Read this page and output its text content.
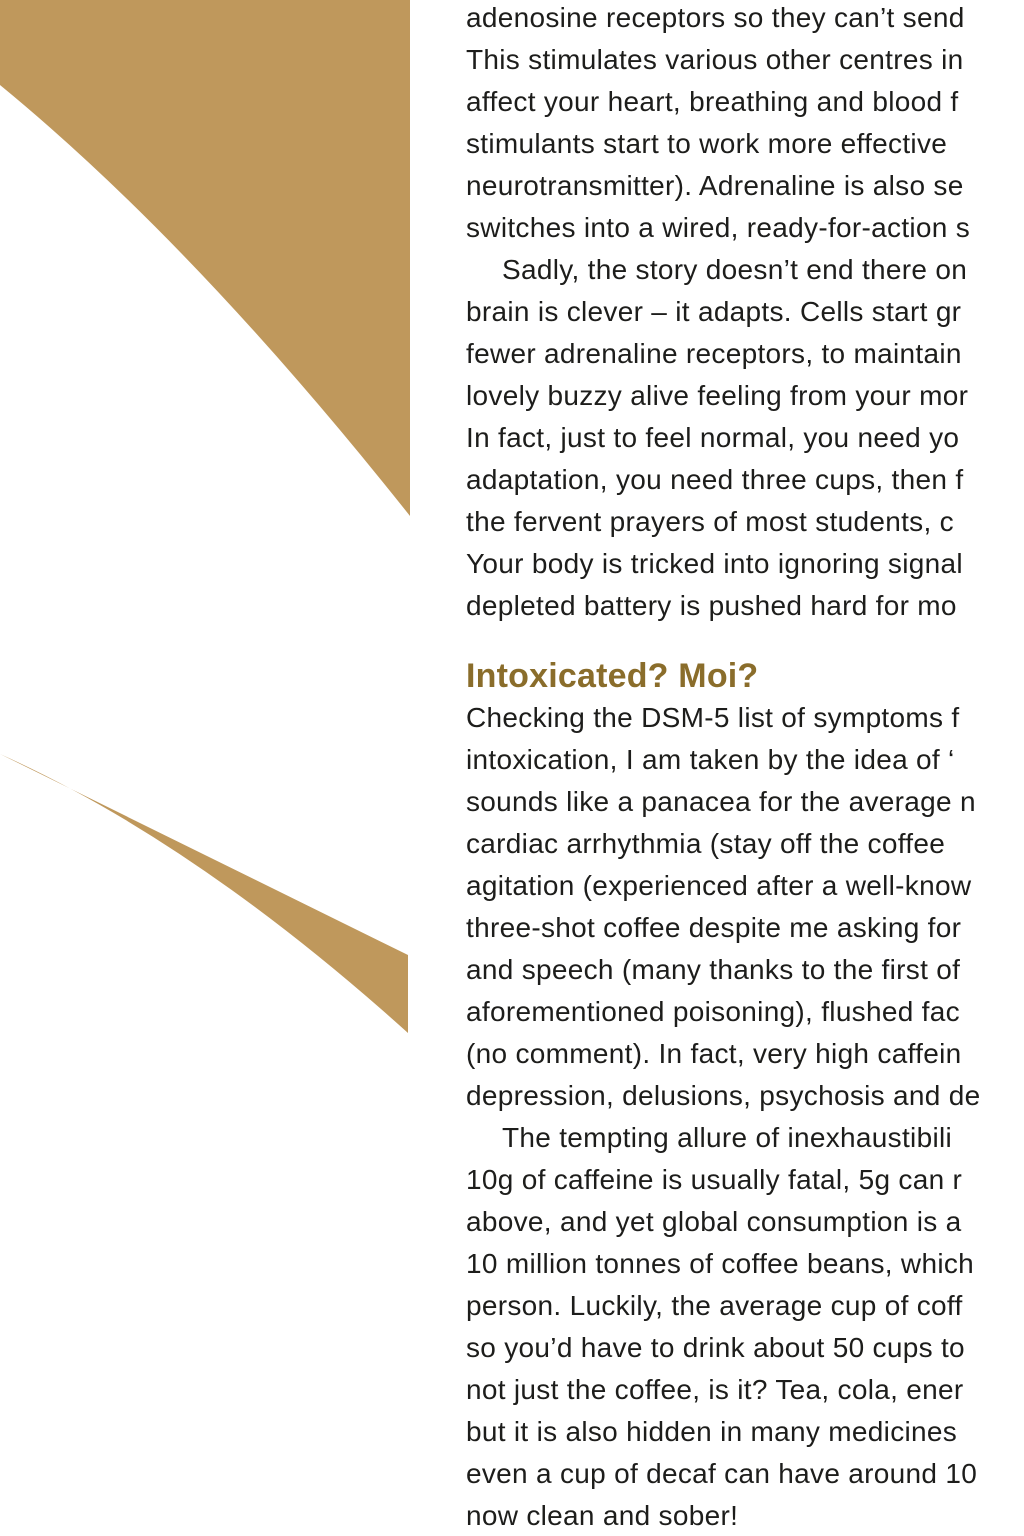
adenosine receptors so they can’t send
This stimulates various other centres in
affect your heart, breathing and blood f
stimulants start to work more effective
neurotransmitter). Adrenaline is also se
switches into a wired, ready-for-action s
Sadly, the story doesn’t end there on
brain is clever – it adapts. Cells start gr
fewer adrenaline receptors, to maintain
lovely buzzy alive feeling from your mor
In fact, just to feel normal, you need yo
adaptation, you need three cups, then f
the fervent prayers of most students, c
Your body is tricked into ignoring signal
depleted battery is pushed hard for mo
Intoxicated? Moi?
Checking the DSM-5 list of symptoms f
intoxication, I am taken by the idea of ‘
sounds like a panacea for the average n
cardiac arrhythmia (stay off the coffee
agitation (experienced after a well-know
three-shot coffee despite me asking for
and speech (many thanks to the first of
aforementioned poisoning), flushed fac
(no comment). In fact, very high caffein
depression, delusions, psychosis and de
The tempting allure of inexhaustibili
10g of caffeine is usually fatal, 5g can r
above, and yet global consumption is a
10 million tonnes of coffee beans, which
person. Luckily, the average cup of coff
so you’d have to drink about 50 cups to
not just the coffee, is it? Tea, cola, ener
but it is also hidden in many medicines
even a cup of decaf can have around 10
now clean and sober!
